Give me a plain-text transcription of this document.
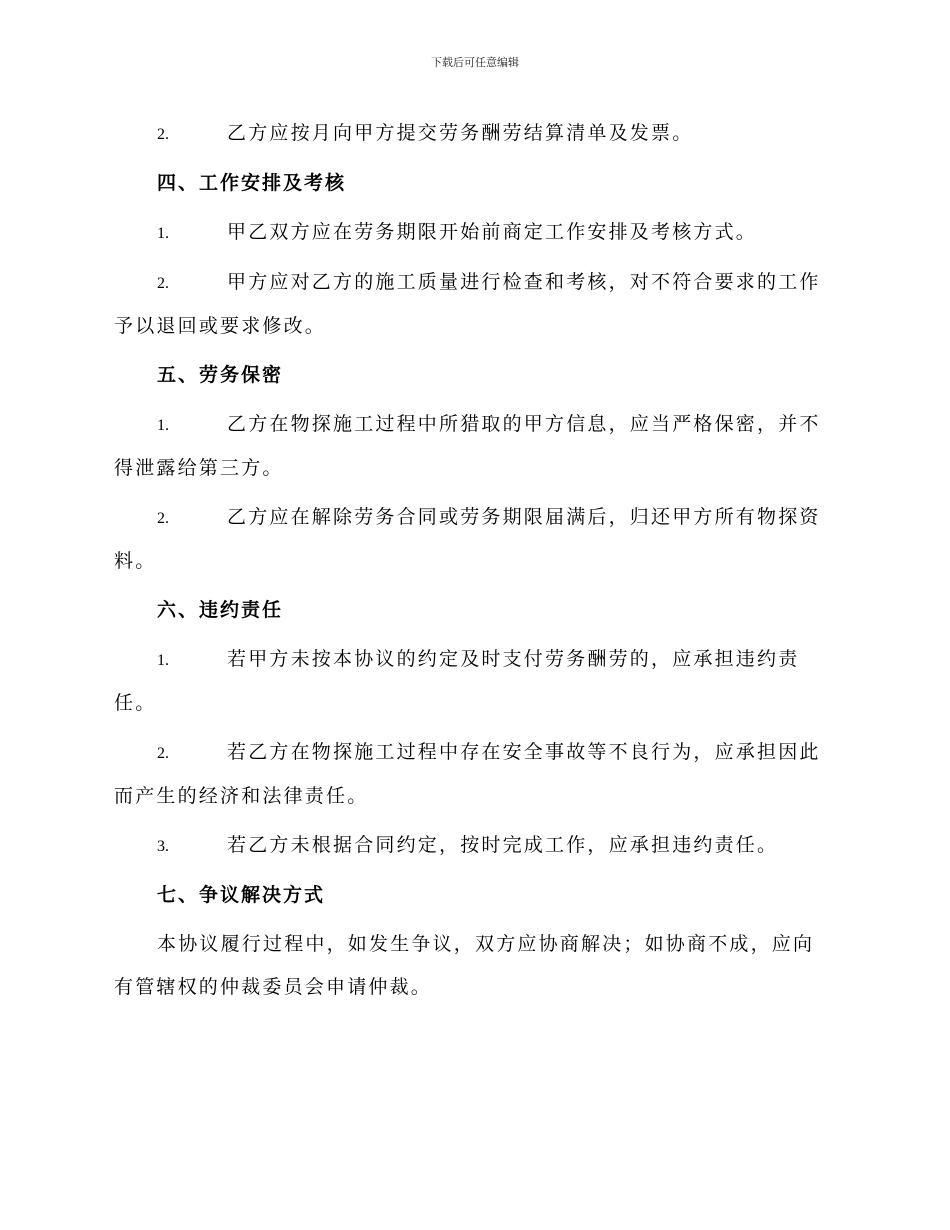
下载后可任意编辑

2.	乙方应按月向甲方提交劳务酬劳结算清单及发票。

四、工作安排及考核

1.	甲乙双方应在劳务期限开始前商定工作安排及考核方式。

2.	甲方应对乙方的施工质量进行检查和考核，对不符合要求的工作予以退回或要求修改。

五、劳务保密

1.	乙方在物探施工过程中所猎取的甲方信息，应当严格保密，并不得泄露给第三方。

2.	乙方应在解除劳务合同或劳务期限届满后，归还甲方所有物探资料。

六、违约责任

1.	若甲方未按本协议的约定及时支付劳务酬劳的，应承担违约责任。

2.	若乙方在物探施工过程中存在安全事故等不良行为，应承担因此而产生的经济和法律责任。

3.	若乙方未根据合同约定，按时完成工作，应承担违约责任。

七、争议解决方式

本协议履行过程中，如发生争议，双方应协商解决；如协商不成，应向有管辖权的仲裁委员会申请仲裁。
